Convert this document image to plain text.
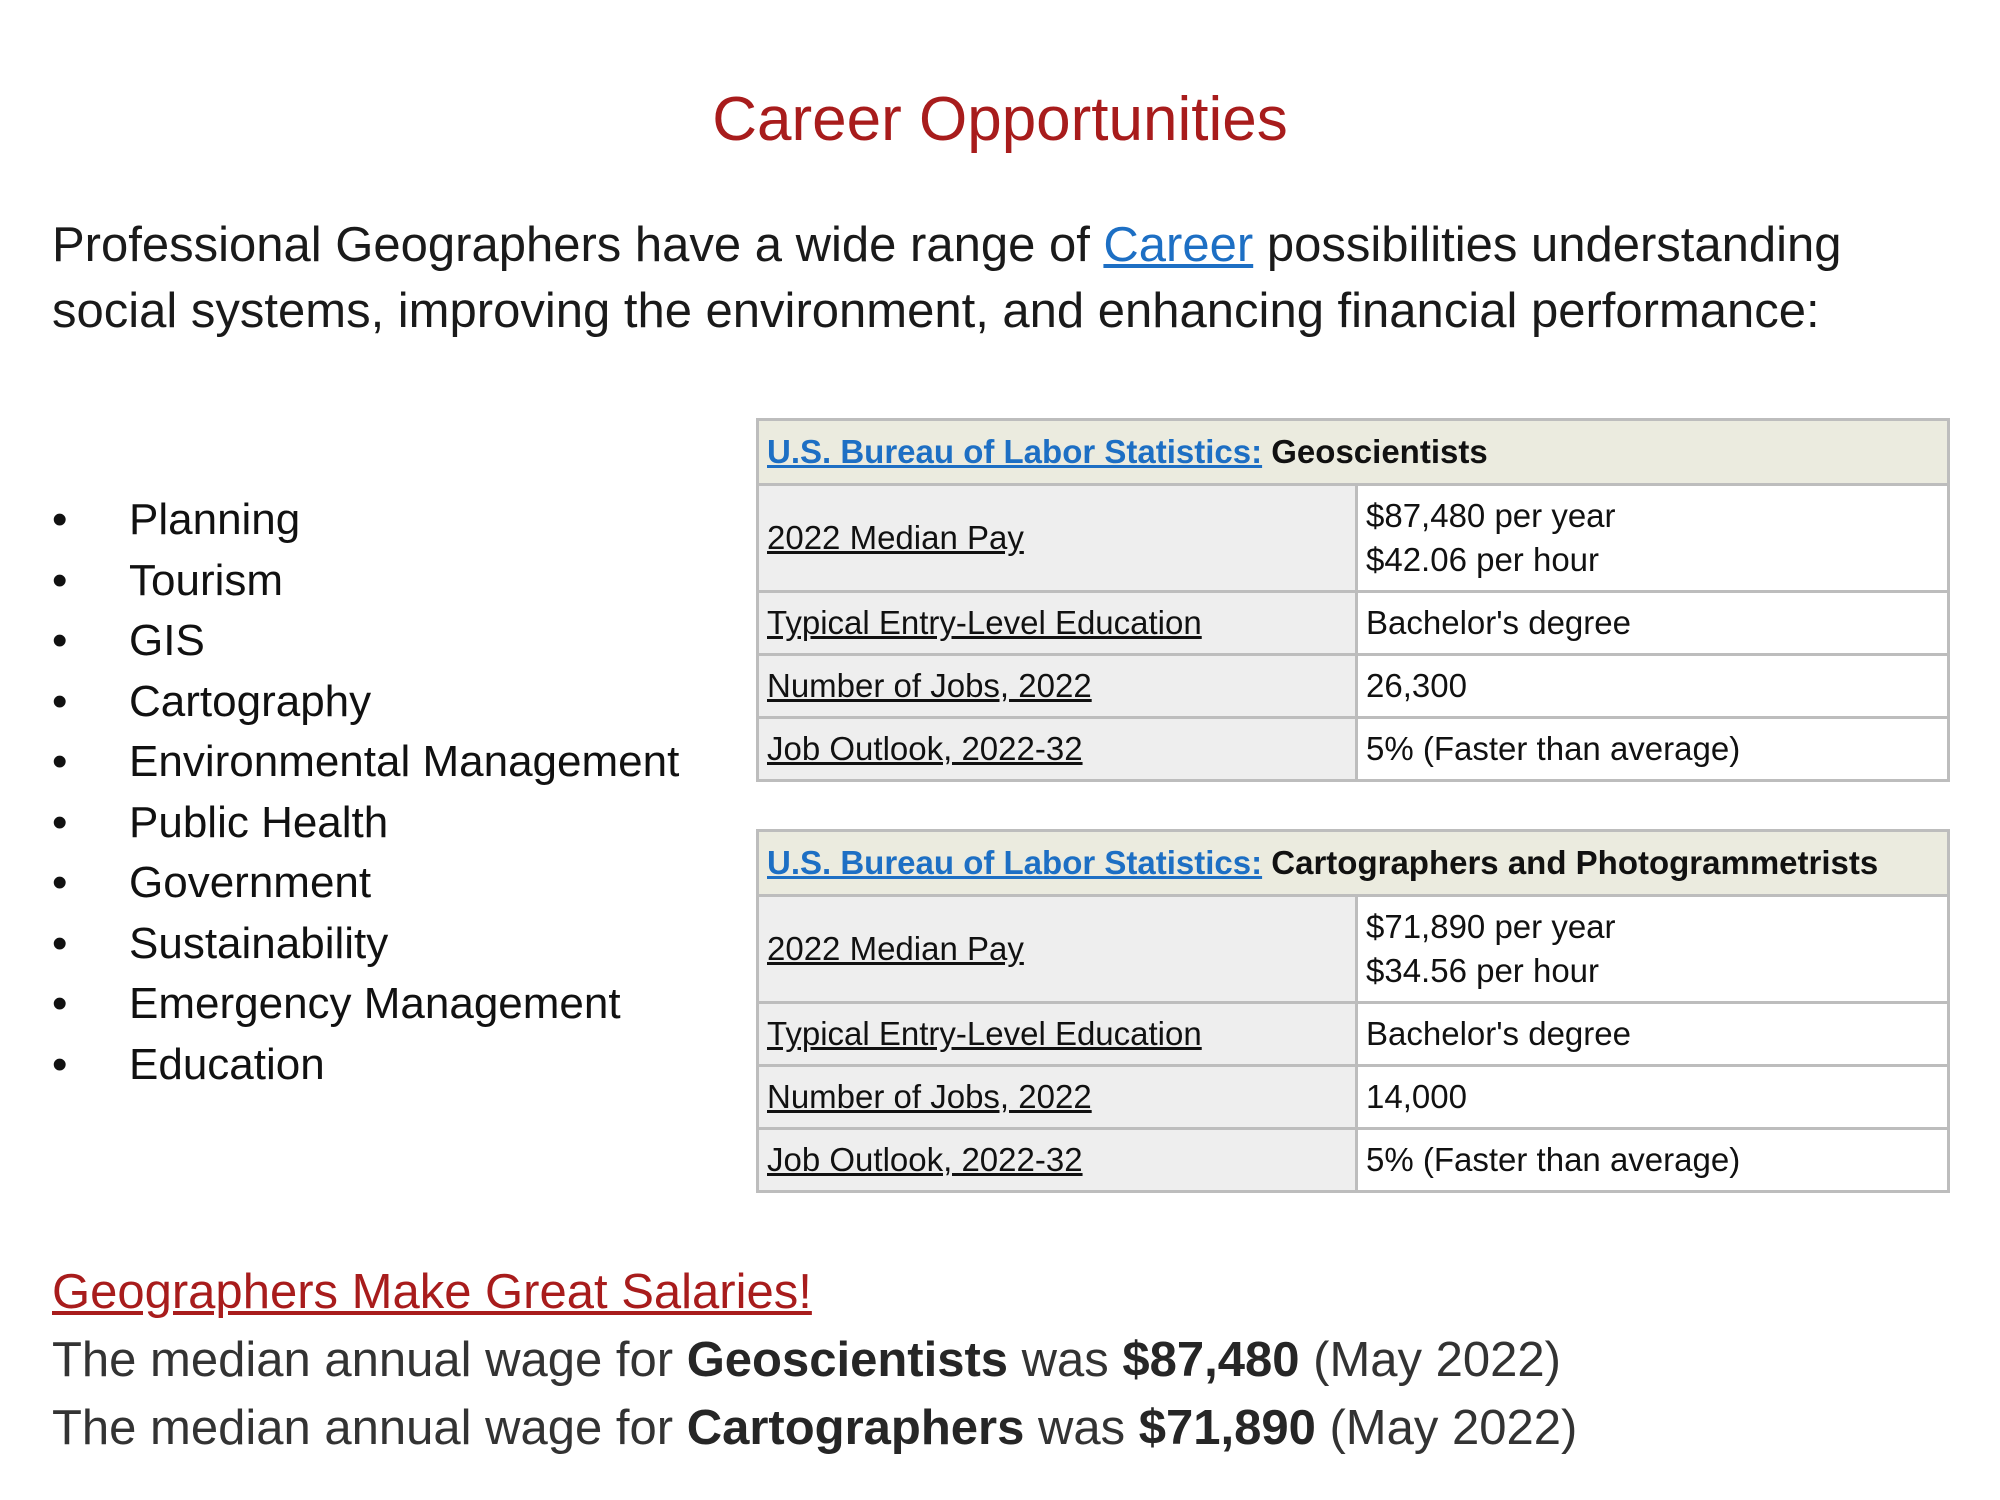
Career Opportunities
Professional Geographers have a wide range of Career possibilities understanding social systems, improving the environment, and enhancing financial performance:
•	Planning
•	Tourism
•	GIS
•	Cartography
•	Environmental Management
•	Public Health
•	Government
•	Sustainability
•	Emergency Management
•	Education
U.S. Bureau of Labor Statistics: Geoscientists	
2022 Median Pay	$87,480 per year
$42.06 per hour

Typical Entry-Level Education	Bachelor's degree
Number of Jobs, 2022	26,300
Job Outlook, 2022-32	5% (Faster than average)
U.S. Bureau of Labor Statistics: Cartographers and Photogrammetrists	
2022 Median Pay	$71,890 per year
$34.56 per hour

Typical Entry-Level Education	Bachelor's degree
Number of Jobs, 2022	14,000
Job Outlook, 2022-32	5% (Faster than average)
Geographers Make Great Salaries!
The median annual wage for Geoscientists was $87,480 (May 2022)
The median annual wage for Cartographers was $71,890 (May 2022)
